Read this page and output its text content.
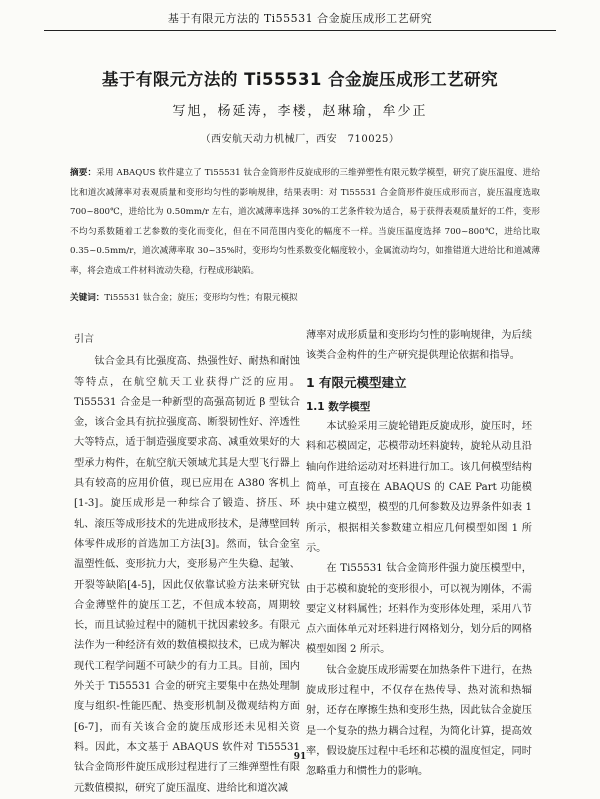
基于有限元方法的 Ti55531 合金旋压成形工艺研究
基于有限元方法的 Ti55531 合金旋压成形工艺研究
写旭，杨延涛，李楼，赵琳瑜，牟少正
（西安航天动力机械厂，西安　710025）
摘要：采用 ABAQUS 软件建立了 Ti55531 钛合金筒形件反旋成形的三维弹塑性有限元数学模型，研究了旋压温度、进给比和道次减薄率对表观质量和变形均匀性的影响规律，结果表明：对 Ti55531 合金筒形件旋压成形而言，旋压温度选取 700~800℃，进给比为 0.50mm/r 左右，道次减薄率选择 30%的工艺条件较为适合，易于获得表观质量好的工件，变形不均匀系数随着工艺参数的变化而变化，但在不同范围内变化的幅度不一样。当旋压温度选择 700~800℃，进给比取 0.35~0.5mm/r，道次减薄率取 30~35%时，变形均匀性系数变化幅度较小，金属流动均匀，如推错道大进给比和道减薄率，将会造成工件材料流动失稳，行程成形缺陷。
关键词：Ti55531 钛合金；旋压；变形均匀性；有限元模拟
引言

钛合金具有比强度高、热强性好、耐热和耐蚀等特点，在航空航天工业获得广泛的应用。Ti55531 合金是一种新型的高强高韧近 β 型钛合金，该合金具有抗拉强度高、断裂韧性好、淬透性大等特点，适于制造强度要求高、减重效果好的大型承力构件，在航空航天领域尤其是大型飞行器上具有较高的应用价值，现已应用在 A380 客机上[1-3]。旋压成形是一种综合了锻造、挤压、环轧、滚压等成形技术的先进成形技术，是薄壁回转体零件成形的首选加工方法[3]。然而，钛合金室温塑性低、变形抗力大，变形易产生失稳、起皱、开裂等缺陷[4-5]，因此仅依靠试验方法来研究钛合金薄壁件的旋压工艺，不但成本较高，周期较长，而且试验过程中的随机干扰因素较多。有限元法作为一种经济有效的数值模拟技术，已成为解决现代工程学问题不可缺少的有力工具。目前，国内外关于 Ti55531 合金的研究主要集中在热处理制度与组织-性能匹配、热变形机制及微观结构方面[6-7]，而有关该合金的旋压成形还未见相关资料。因此，本文基于 ABAQUS 软件对 Ti55531 钛合金筒形件旋压成形过程进行了三维弹塑性有限元数值模拟，研究了旋压温度、进给比和道次减

薄率对成形质量和变形均匀性的影响规律，为后续该类合金构件的生产研究提供理论依据和指导。

1 有限元模型建立
1.1 数学模型

本试验采用三旋轮错距反旋成形，旋压时，坯料和芯模固定，芯模带动坯料旋转，旋轮从动且沿轴向作进给运动对坯料进行加工。该几何模型结构简单，可直接在 ABAQUS 的 CAE Part 功能模块中建立模型，模型的几何参数及边界条件如表 1 所示，根据相关参数建立相应几何模型如图 1 所示。

在 Ti55531 钛合金筒形件强力旋压模型中，由于芯模和旋轮的变形很小，可以视为刚体，不需要定义材料属性；坯料作为变形体处理，采用八节点六面体单元对坯料进行网格划分，划分后的网格模型如图 2 所示。

钛合金旋压成形需要在加热条件下进行，在热旋成形过程中，不仅存在热传导、热对流和热辐射，还存在摩擦生热和变形生热，因此钛合金旋压是一个复杂的热力耦合过程，为简化计算，提高效率，假设旋压过程中毛坯和芯模的温度恒定，同时忽略重力和惯性力的影响。

91
